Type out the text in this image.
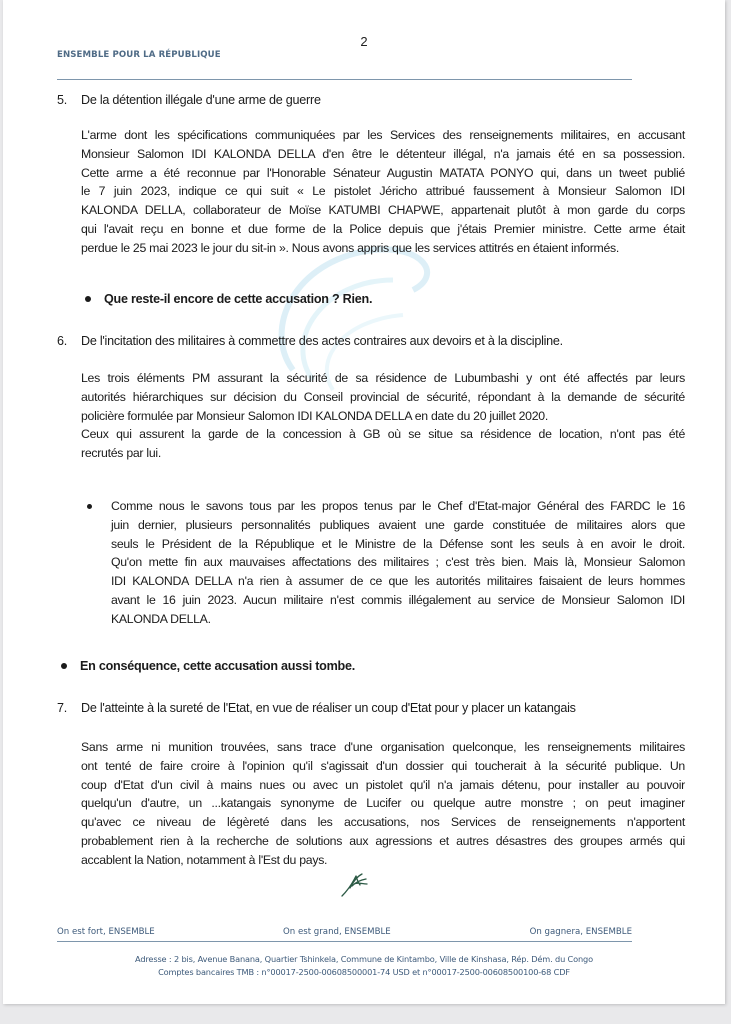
2
ENSEMBLE POUR LA RÉPUBLIQUE
5. De la détention illégale d'une arme de guerre
L'arme dont les spécifications communiquées par les Services des renseignements militaires, en accusant
Monsieur Salomon IDI KALONDA DELLA d'en être le détenteur illégal, n'a jamais été en sa possession.
Cette arme a été reconnue par l'Honorable Sénateur Augustin MATATA PONYO qui, dans un tweet publié
le 7 juin 2023, indique ce qui suit « Le pistolet Jéricho attribué faussement à Monsieur Salomon IDI
KALONDA DELLA, collaborateur de Moïse KATUMBI CHAPWE, appartenait plutôt à mon garde du corps
qui l'avait reçu en bonne et due forme de la Police depuis que j'étais Premier ministre. Cette arme était
perdue le 25 mai 2023 le jour du sit-in ». Nous avons appris que les services attitrés en étaient informés.
Que reste-il encore de cette accusation ? Rien.
6. De l'incitation des militaires à commettre des actes contraires aux devoirs et à la discipline.
Les trois éléments PM assurant la sécurité de sa résidence de Lubumbashi y ont été affectés par leurs
autorités hiérarchiques sur décision du Conseil provincial de sécurité, répondant à la demande de sécurité
policière formulée par Monsieur Salomon IDI KALONDA DELLA en date du 20 juillet 2020.
Ceux qui assurent la garde de la concession à GB où se situe sa résidence de location, n'ont pas été
recrutés par lui.
Comme nous le savons tous par les propos tenus par le Chef d'Etat-major Général des FARDC le 16
juin dernier, plusieurs personnalités publiques avaient une garde constituée de militaires alors que
seuls le Président de la République et le Ministre de la Défense sont les seuls à en avoir le droit.
Qu'on mette fin aux mauvaises affectations des militaires ; c'est très bien. Mais là, Monsieur Salomon
IDI KALONDA DELLA n'a rien à assumer de ce que les autorités militaires faisaient de leurs hommes
avant le 16 juin 2023. Aucun militaire n'est commis illégalement au service de Monsieur Salomon IDI
KALONDA DELLA.
En conséquence, cette accusation aussi tombe.
7. De l'atteinte à la sureté de l'Etat, en vue de réaliser un coup d'Etat pour y placer un katangais
Sans arme ni munition trouvées, sans trace d'une organisation quelconque, les renseignements militaires
ont tenté de faire croire à l'opinion qu'il s'agissait d'un dossier qui toucherait à la sécurité publique. Un
coup d'Etat d'un civil à mains nues ou avec un pistolet qu'il n'a jamais détenu, pour installer au pouvoir
quelqu'un d'autre, un ...katangais synonyme de Lucifer ou quelque autre monstre ; on peut imaginer
qu'avec ce niveau de légèreté dans les accusations, nos Services de renseignements n'apportent
probablement rien à la recherche de solutions aux agressions et autres désastres des groupes armés qui
accablent la Nation, notamment à l'Est du pays.
On est fort, ENSEMBLE	On est grand, ENSEMBLE	On gagnera, ENSEMBLE
Adresse : 2 bis, Avenue Banana, Quartier Tshinkela, Commune de Kintambo, Ville de Kinshasa, Rép. Dém. du Congo
Comptes bancaires TMB : n°00017-2500-00608500001-74 USD et n°00017-2500-00608500100-68 CDF
